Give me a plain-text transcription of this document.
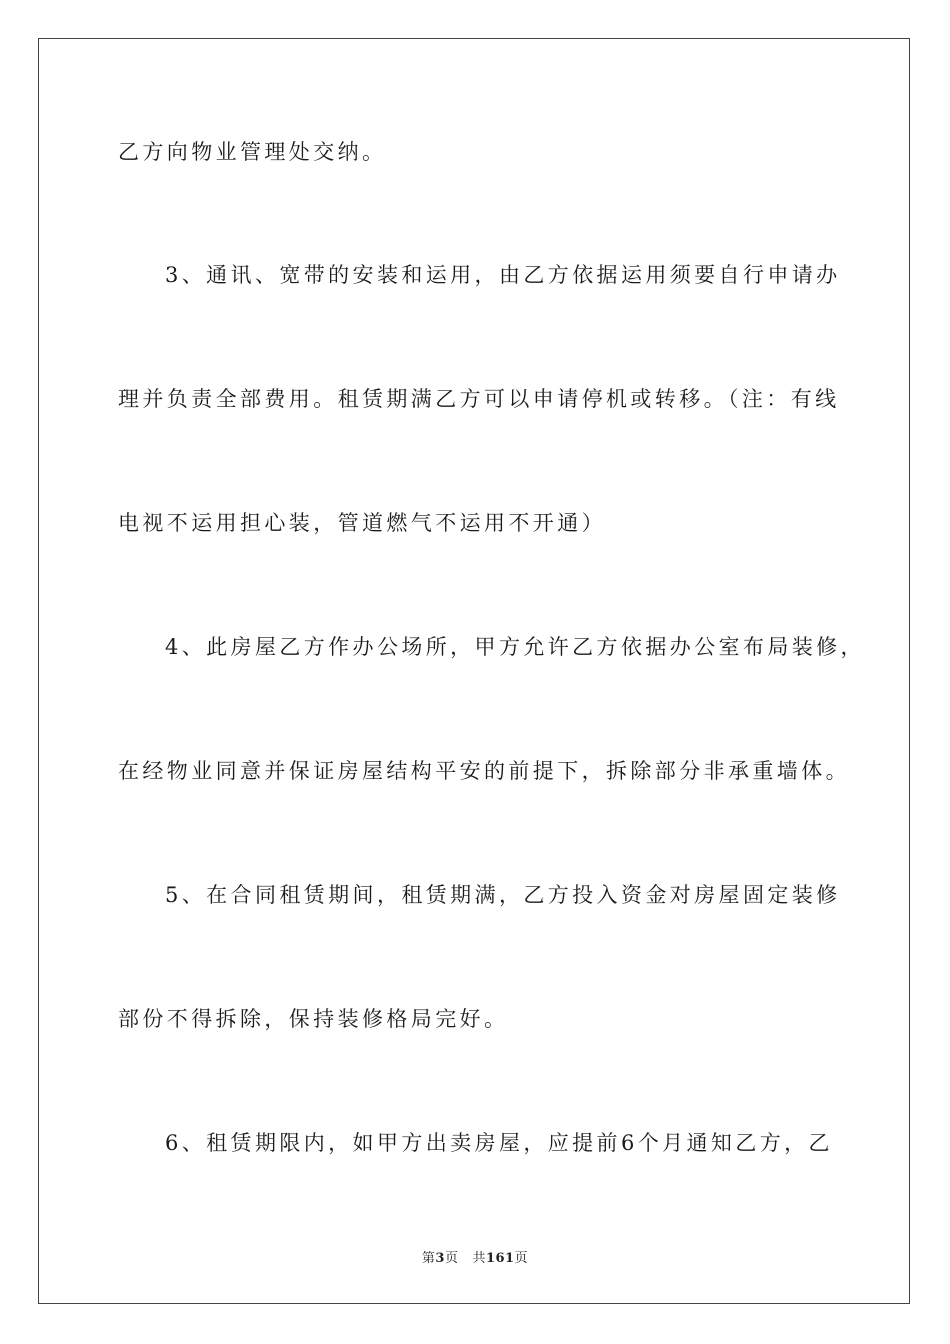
乙方向物业管理处交纳。
3、通讯、宽带的安装和运用，由乙方依据运用须要自行申请办
理并负责全部费用。租赁期满乙方可以申请停机或转移。（注：有线
电视不运用担心装，管道燃气不运用不开通）
4、此房屋乙方作办公场所，甲方允许乙方依据办公室布局装修，
在经物业同意并保证房屋结构平安的前提下，拆除部分非承重墙体。
5、在合同租赁期间，租赁期满，乙方投入资金对房屋固定装修
部份不得拆除，保持装修格局完好。
6、租赁期限内，如甲方出卖房屋，应提前6个月通知乙方，乙
第3页 共161页
